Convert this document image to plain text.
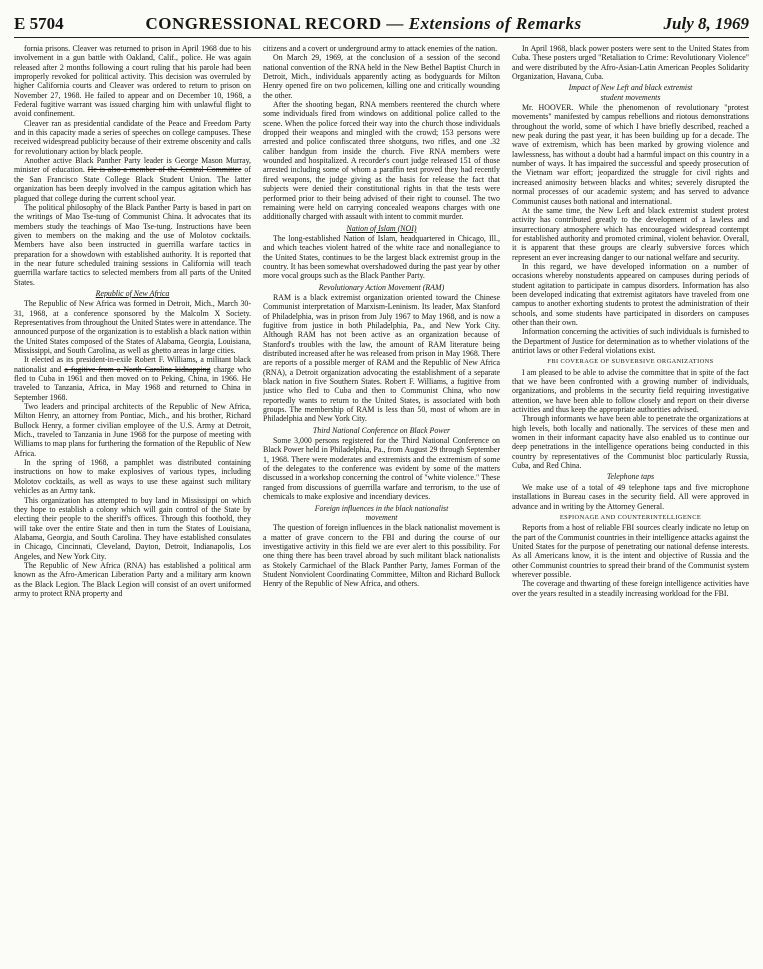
E 5704	CONGRESSIONAL RECORD — Extensions of Remarks	July 8, 1969

fornia prisons. Cleaver was returned to prison in April 1968 due to his involvement in a gun battle with Oakland, Calif., police. He was again released after 2 months following a court ruling that his parole had been improperly revoked for political activity. This decision was overruled by higher California courts and Cleaver was ordered to return to prison on November 27, 1968. He failed to appear and on December 10, 1968, a Federal fugitive warrant was issued charging him with unlawful flight to avoid confinement.

Cleaver ran as presidential candidate of the Peace and Freedom Party and in this capacity made a series of speeches on college campuses. These received widespread publicity because of their extreme obscenity and calls for revolutionary action by black people.

Another active Black Panther Party leader is George Mason Murray, minister of education. He is also a member of the Central Committee of the San Francisco State College Black Student Union. The latter organization has been deeply involved in the campus agitation which has plagued that college during the current school year.

The political philosophy of the Black Panther Party is based in part on the writings of Mao Tse-tung of Communist China. It advocates that its members study the teachings of Mao Tse-tung. Instructions have been given to members on the making and the use of Molotov cocktails. Members have also been instructed in guerrilla warfare tactics in preparation for a showdown with established authority. It is reported that in the near future scheduled training sessions in California will teach guerrilla warfare tactics to selected members from all parts of the United States.

Republic of New Africa

The Republic of New Africa was formed in Detroit, Mich., March 30-31, 1968, at a conference sponsored by the Malcolm X Society. Representatives from throughout the United States were in attendance. The announced purpose of the organization is to establish a black nation within the United States composed of the States of Alabama, Georgia, Louisiana, Mississippi, and South Carolina, as well as ghetto areas in large cities.

It elected as its president-in-exile Robert F. Williams, a militant black nationalist and a fugitive from a North Carolina kidnapping charge who fled to Cuba in 1961 and then moved on to Peking, China, in 1966. He traveled to Tanzania, Africa, in May 1968 and returned to China in September 1968.

Two leaders and principal architects of the Republic of New Africa, Milton Henry, an attorney from Pontiac, Mich., and his brother, Richard Bullock Henry, a former civilian employee of the U.S. Army at Detroit, Mich., traveled to Tanzania in June 1968 for the purpose of meeting with Williams to map plans for furthering the formation of the Republic of New Africa.

In the spring of 1968, a pamphlet was distributed containing instructions on how to make explosives of various types, including Molotov cocktails, as well as ways to use these against such military vehicles as an Army tank.

This organization has attempted to buy land in Mississippi on which they hope to establish a colony which will gain control of the State by electing their people to the sheriff's offices. Through this foothold, they will take over the entire State and then in turn the States of Louisiana, Alabama, Georgia, and South Carolina. They have established consulates in Chicago, Cincinnati, Cleveland, Dayton, Detroit, Indianapolis, Los Angeles, and New York City.

The Republic of New Africa (RNA) has established a political arm known as the Afro-American Liberation Party and a military arm known as the Black Legion. The Black Legion will consist of an overt uniformed army to protect RNA property and

citizens and a covert or underground army to attack enemies of the nation.

On March 29, 1969, at the conclusion of a session of the second national convention of the RNA held in the New Bethel Baptist Church in Detroit, Mich., individuals apparently acting as bodyguards for Milton Henry opened fire on two policemen, killing one and critically wounding the other.

After the shooting began, RNA members reentered the church where some individuals fired from windows on additional police called to the scene. When the police forced their way into the church those individuals dropped their weapons and mingled with the crowd; 153 persons were arrested and police confiscated three shotguns, two rifles, and one .32 caliber handgun from inside the church. Five RNA members were wounded and hospitalized. A recorder's court judge released 151 of those arrested including some of whom a paraffin test proved they had recently fired weapons, the judge giving as the basis for release the fact that subjects were denied their constitutional rights in that the tests were performed prior to their being advised of their right to counsel. The two remaining were held on carrying concealed weapons charges with one additionally charged with assault with intent to commit murder.

Nation of Islam (NOI)

The long-established Nation of Islam, headquartered in Chicago, Ill., and which teaches violent hatred of the white race and nonallegiance to the United States, continues to be the largest black extremist group in the country. It has been somewhat overshadowed during the past year by other more vocal groups such as the Black Panther Party.

Revolutionary Action Movement (RAM)

RAM is a black extremist organization oriented toward the Chinese Communist interpretation of Marxism-Leninism. Its leader, Max Stanford of Philadelphia, was in prison from July 1967 to May 1968, and is now a fugitive from justice in both Philadelphia, Pa., and New York City. Although RAM has not been active as an organization because of Stanford's troubles with the law, the amount of RAM literature being distributed increased after he was released from prison in May 1968. There are reports of a possible merger of RAM and the Republic of New Africa (RNA), a Detroit organization advocating the establishment of a separate black nation in five Southern States. Robert F. Williams, a fugitive from justice who fled to Cuba and then to Communist China, who now reportedly wants to return to the United States, is associated with both groups. The membership of RAM is less than 50, most of whom are in Philadelphia and New York City.

Third National Conference on Black Power

Some 3,000 persons registered for the Third National Conference on Black Power held in Philadelphia, Pa., from August 29 through September 1, 1968. There were moderates and extremists and the extremism of some of the delegates to the conference was evident by some of the matters discussed in a workshop concerning the control of "white violence." These ranged from discussions of guerrilla warfare and terrorism, to the use of chemicals to make explosive and incendiary devices.

Foreign influences in the black nationalist
movement

The question of foreign influences in the black nationalist movement is a matter of grave concern to the FBI and during the course of our investigative activity in this field we are ever alert to this possibility. For one thing there has been travel abroad by such militant black nationalists as Stokely Carmichael of the Black Panther Party, James Forman of the Student Nonviolent Coordinating Committee, Milton and Richard Bullock Henry of the Republic of New Africa, and others.

In April 1968, black power posters were sent to the United States from Cuba. These posters urged "Retaliation to Crime: Revolutionary Violence" and were distributed by the Afro-Asian-Latin American Peoples Solidarity Organization, Havana, Cuba.

Impact of New Left and black extremist
student movements

Mr. HOOVER. While the phenomenon of revolutionary "protest movements" manifested by campus rebellions and riotous demonstrations throughout the world, some of which I have briefly described, reached a new peak during the past year, it has been building up for a decade. The wave of extremism, which has been marked by growing violence and lawlessness, has without a doubt had a harmful impact on this country in a number of ways. It has impaired the successful and speedy prosecution of the Vietnam war effort; jeopardized the struggle for civil rights and increased animosity between blacks and whites; severely disrupted the normal processes of our academic system; and has served to advance Communist causes both national and international.

At the same time, the New Left and black extremist student protest activity has contributed greatly to the development of a lawless and insurrectionary atmosphere which has encouraged widespread contempt for established authority and promoted criminal, violent behavior. Overall, it is apparent that these groups are clearly subversive forces which represent an ever increasing danger to our national welfare and security.

In this regard, we have developed information on a number of occasions whereby nonstudents appeared on campuses during periods of student agitation to participate in campus disorders. Information has also been developed indicating that extremist agitators have traveled from one campus to another exhorting students to protest the administration of their schools, and some students have participated in disorders on campuses other than their own.

Information concerning the activities of such individuals is furnished to the Department of Justice for determination as to whether violations of the antiriot laws or other Federal violations exist.

FBI COVERAGE OF SUBVERSIVE ORGANIZATIONS

I am pleased to be able to advise the committee that in spite of the fact that we have been confronted with a growing number of individuals, organizations, and problems in the security field requiring investigative attention, we have been able to follow closely and report on their diverse activities and thus keep the appropriate authorities advised.

Through informants we have been able to penetrate the organizations at high levels, both locally and nationally. The services of these men and women in their informant capacity have also enabled us to continue our deep penetrations in the intelligence operations being conducted in this country by representatives of the Communist bloc particularly Russia, Cuba, and Red China.

Telephone taps

We make use of a total of 49 telephone taps and five microphone installations in Bureau cases in the security field. All were approved in advance and in writing by the Attorney General.

ESPIONAGE AND COUNTERINTELLIGENCE

Reports from a host of reliable FBI sources clearly indicate no letup on the part of the Communist countries in their intelligence attacks against the United States for the purpose of penetrating our national defense interests. As all Americans know, it is the intent and objective of Russia and the other Communist countries to spread their brand of the Communist system wherever possible.

The coverage and thwarting of these foreign intelligence activities have over the years resulted in a steadily increasing workload for the FBI.
